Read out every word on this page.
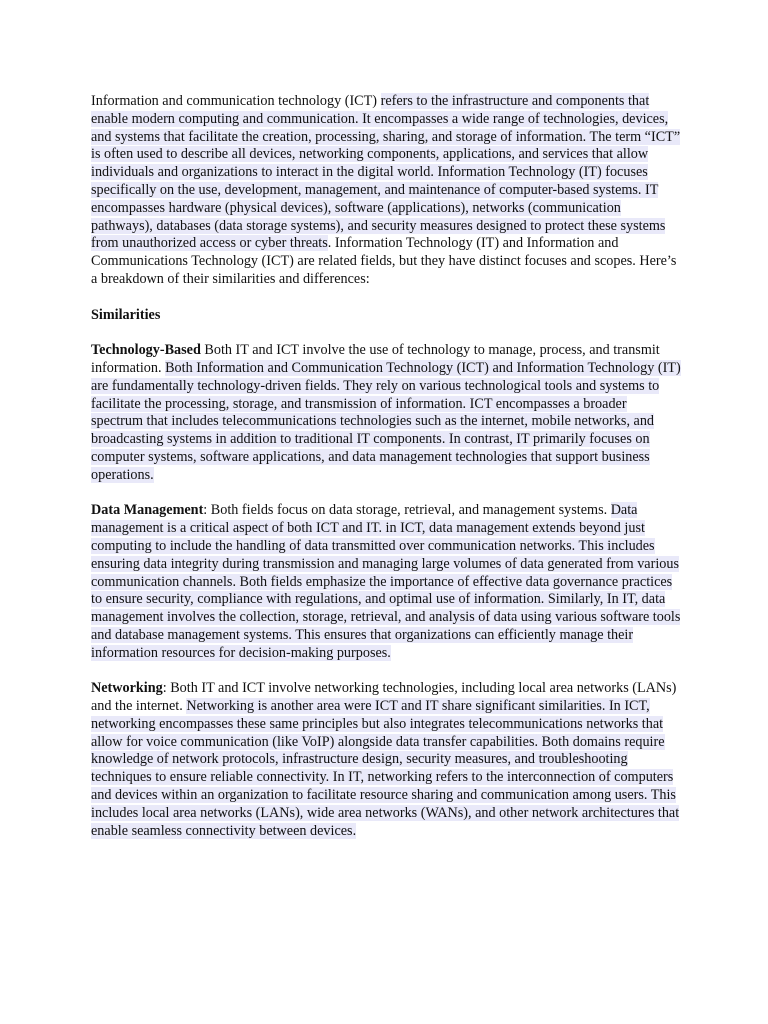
Information and communication technology (ICT) refers to the infrastructure and components that enable modern computing and communication. It encompasses a wide range of technologies, devices, and systems that facilitate the creation, processing, sharing, and storage of information. The term “ICT” is often used to describe all devices, networking components, applications, and services that allow individuals and organizations to interact in the digital world. Information Technology (IT) focuses specifically on the use, development, management, and maintenance of computer-based systems. IT encompasses hardware (physical devices), software (applications), networks (communication pathways), databases (data storage systems), and security measures designed to protect these systems from unauthorized access or cyber threats. Information Technology (IT) and Information and Communications Technology (ICT) are related fields, but they have distinct focuses and scopes. Here’s a breakdown of their similarities and differences:

Similarities

Technology-Based Both IT and ICT involve the use of technology to manage, process, and transmit information. Both Information and Communication Technology (ICT) and Information Technology (IT) are fundamentally technology-driven fields. They rely on various technological tools and systems to facilitate the processing, storage, and transmission of information. ICT encompasses a broader spectrum that includes telecommunications technologies such as the internet, mobile networks, and broadcasting systems in addition to traditional IT components. In contrast, IT primarily focuses on computer systems, software applications, and data management technologies that support business operations.

Data Management: Both fields focus on data storage, retrieval, and management systems. Data management is a critical aspect of both ICT and IT. in ICT, data management extends beyond just computing to include the handling of data transmitted over communication networks. This includes ensuring data integrity during transmission and managing large volumes of data generated from various communication channels. Both fields emphasize the importance of effective data governance practices to ensure security, compliance with regulations, and optimal use of information. Similarly, In IT, data management involves the collection, storage, retrieval, and analysis of data using various software tools and database management systems. This ensures that organizations can efficiently manage their information resources for decision-making purposes.

Networking: Both IT and ICT involve networking technologies, including local area networks (LANs) and the internet. Networking is another area were ICT and IT share significant similarities. In ICT, networking encompasses these same principles but also integrates telecommunications networks that allow for voice communication (like VoIP) alongside data transfer capabilities. Both domains require knowledge of network protocols, infrastructure design, security measures, and troubleshooting techniques to ensure reliable connectivity. In IT, networking refers to the interconnection of computers and devices within an organization to facilitate resource sharing and communication among users. This includes local area networks (LANs), wide area networks (WANs), and other network architectures that enable seamless connectivity between devices.
